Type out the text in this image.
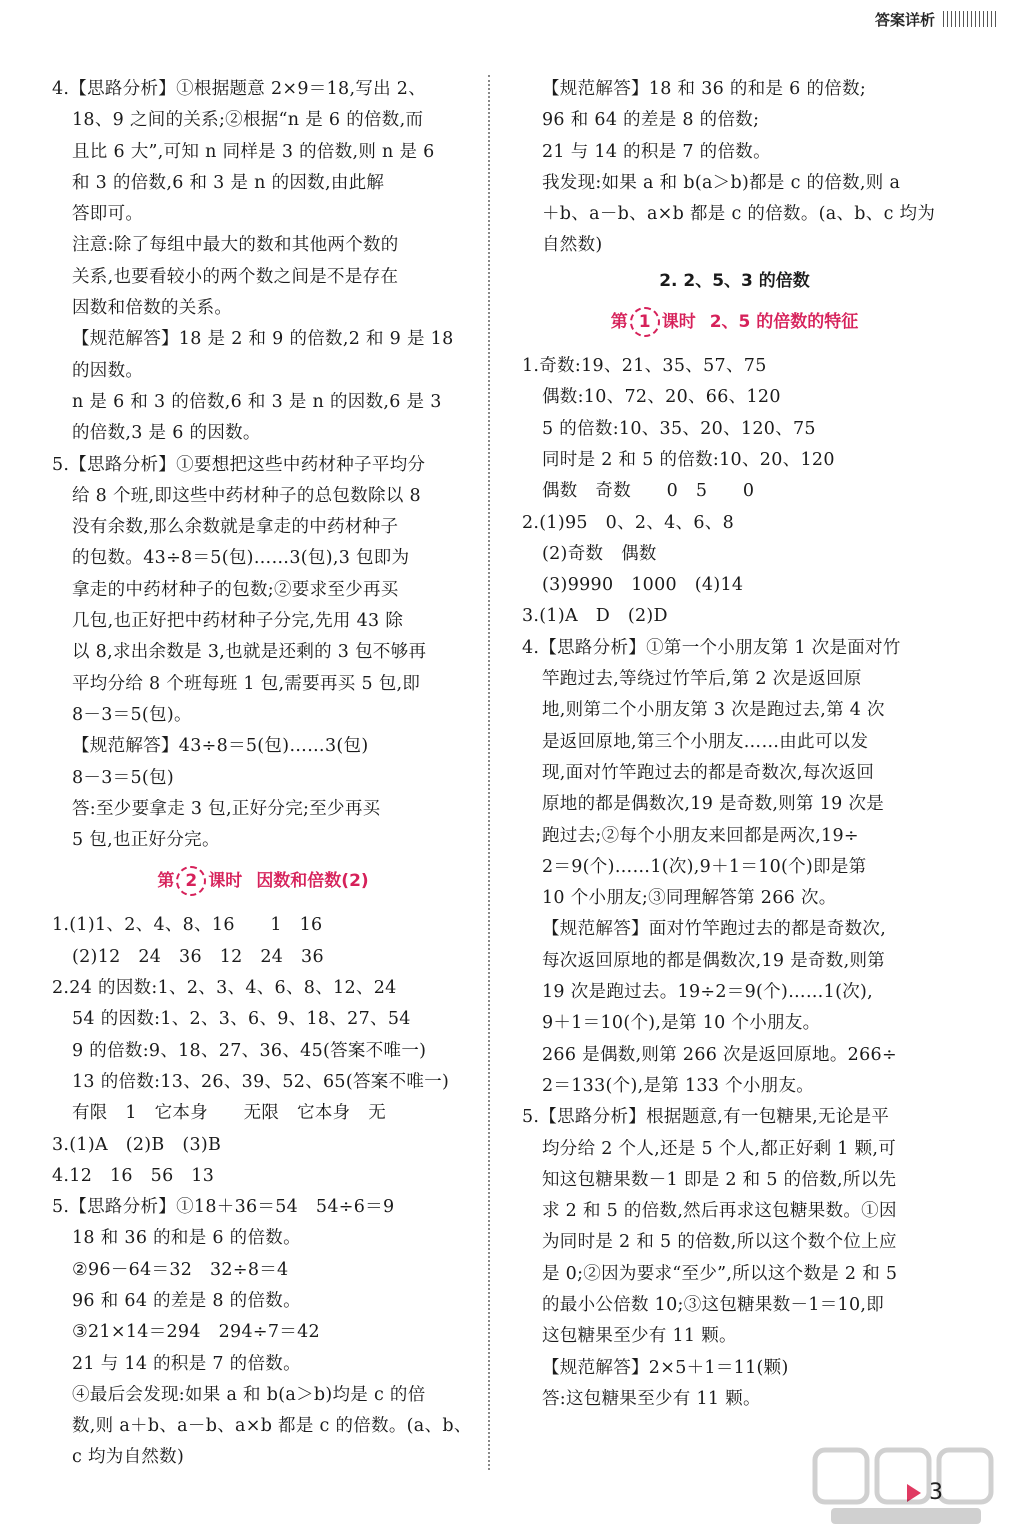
答案详析
4.【思路分析】①根据题意 2×9＝18,写出 2、
18、9 之间的关系;②根据“n 是 6 的倍数,而
且比 6 大”,可知 n 同样是 3 的倍数,则 n 是 6
和 3 的倍数,6 和 3 是 n 的因数,由此解
答即可。
注意:除了每组中最大的数和其他两个数的
关系,也要看较小的两个数之间是不是存在
因数和倍数的关系。
【规范解答】18 是 2 和 9 的倍数,2 和 9 是 18
的因数。
n 是 6 和 3 的倍数,6 和 3 是 n 的因数,6 是 3
的倍数,3 是 6 的因数。
5.【思路分析】①要想把这些中药材种子平均分
给 8 个班,即这些中药材种子的总包数除以 8
没有余数,那么余数就是拿走的中药材种子
的包数。43÷8＝5(包)……3(包),3 包即为
拿走的中药材种子的包数;②要求至少再买
几包,也正好把中药材种子分完,先用 43 除
以 8,求出余数是 3,也就是还剩的 3 包不够再
平均分给 8 个班每班 1 包,需要再买 5 包,即
8－3＝5(包)。
【规范解答】43÷8＝5(包)……3(包)
8－3＝5(包)
答:至少要拿走 3 包,正好分完;至少再买
5 包,也正好分完。
第 2 课时 因数和倍数(2)
1.(1)1、2、4、8、16　　1　16
(2)12　24　36　12　24　36
2.24 的因数:1、2、3、4、6、8、12、24
54 的因数:1、2、3、6、9、18、27、54
9 的倍数:9、18、27、36、45(答案不唯一)
13 的倍数:13、26、39、52、65(答案不唯一)
有限　1　它本身　　无限　它本身　无
3.(1)A　(2)B　(3)B
4.12　16　56　13
5.【思路分析】①18＋36＝54　54÷6＝9
18 和 36 的和是 6 的倍数。
②96－64＝32　32÷8＝4
96 和 64 的差是 8 的倍数。
③21×14＝294　294÷7＝42
21 与 14 的积是 7 的倍数。
④最后会发现:如果 a 和 b(a＞b)均是 c 的倍
数,则 a＋b、a－b、a×b 都是 c 的倍数。(a、b、
c 均为自然数)
【规范解答】18 和 36 的和是 6 的倍数;
96 和 64 的差是 8 的倍数;
21 与 14 的积是 7 的倍数。
我发现:如果 a 和 b(a＞b)都是 c 的倍数,则 a
＋b、a－b、a×b 都是 c 的倍数。(a、b、c 均为
自然数)
2. 2、5、3 的倍数
第 1 课时 2、5 的倍数的特征
1.奇数:19、21、35、57、75
偶数:10、72、20、66、120
5 的倍数:10、35、20、120、75
同时是 2 和 5 的倍数:10、20、120
偶数　奇数　　0　5　　0
2.(1)95　0、2、4、6、8
(2)奇数　偶数
(3)9990　1000　(4)14
3.(1)A　D　(2)D
4.【思路分析】①第一个小朋友第 1 次是面对竹
竿跑过去,等绕过竹竿后,第 2 次是返回原
地,则第二个小朋友第 3 次是跑过去,第 4 次
是返回原地,第三个小朋友……由此可以发
现,面对竹竿跑过去的都是奇数次,每次返回
原地的都是偶数次,19 是奇数,则第 19 次是
跑过去;②每个小朋友来回都是两次,19÷
2＝9(个)……1(次),9＋1＝10(个)即是第
10 个小朋友;③同理解答第 266 次。
【规范解答】面对竹竿跑过去的都是奇数次,
每次返回原地的都是偶数次,19 是奇数,则第
19 次是跑过去。19÷2＝9(个)……1(次),
9＋1＝10(个),是第 10 个小朋友。
266 是偶数,则第 266 次是返回原地。266÷
2＝133(个),是第 133 个小朋友。
5.【思路分析】根据题意,有一包糖果,无论是平
均分给 2 个人,还是 5 个人,都正好剩 1 颗,可
知这包糖果数－1 即是 2 和 5 的倍数,所以先
求 2 和 5 的倍数,然后再求这包糖果数。①因
为同时是 2 和 5 的倍数,所以这个数个位上应
是 0;②因为要求“至少”,所以这个数是 2 和 5
的最小公倍数 10;③这包糖果数－1＝10,即
这包糖果至少有 11 颗。
【规范解答】2×5＋1＝11(颗)
答:这包糖果至少有 11 颗。
3
